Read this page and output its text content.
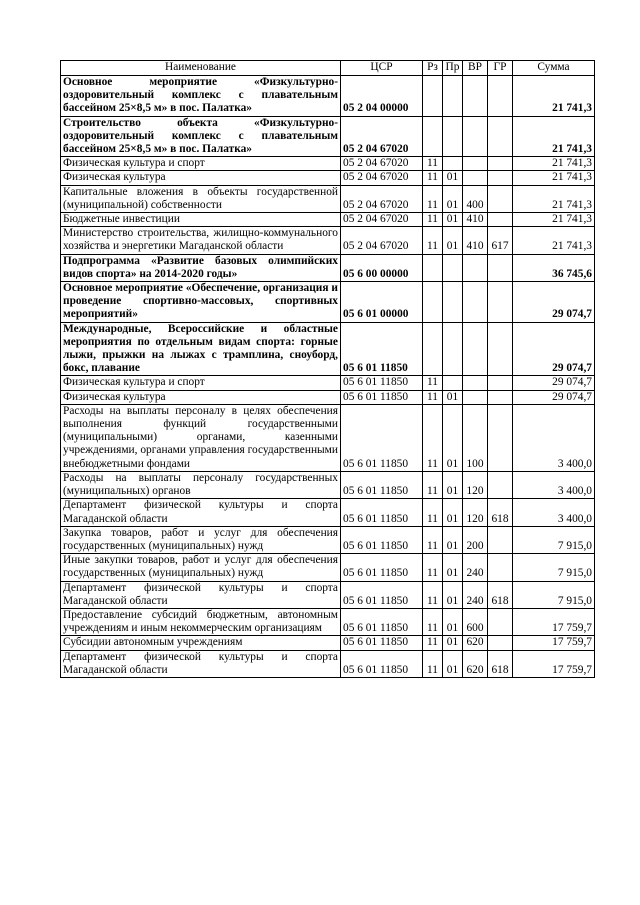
Наименование	ЦСР	Рз	Пр	ВР	ГР	Сумма
Основное мероприятие «Физкультурно-оздоровительный комплекс с плавательным бассейном 25×8,5 м» в пос. Палатка»	05 2 04 00000					21 741,3
Строительство объекта «Физкультурно-оздоровительный комплекс с плавательным бассейном 25×8,5 м» в пос. Палатка»	05 2 04 67020					21 741,3
Физическая культура и спорт	05 2 04 67020	11				21 741,3
Физическая культура	05 2 04 67020	11	01			21 741,3
Капитальные вложения в объекты государственной (муниципальной) собственности	05 2 04 67020	11	01	400		21 741,3
Бюджетные инвестиции	05 2 04 67020	11	01	410		21 741,3
Министерство строительства, жилищно-коммунального хозяйства и энергетики Магаданской области	05 2 04 67020	11	01	410	617	21 741,3
Подпрограмма «Развитие базовых олимпийских видов спорта» на 2014-2020 годы»	05 6 00 00000					36 745,6
Основное мероприятие «Обеспечение, организация и проведение спортивно-массовых, спортивных мероприятий»	05 6 01 00000					29 074,7
Международные, Всероссийские и областные мероприятия по отдельным видам спорта: горные лыжи, прыжки на лыжах с трамплина, сноуборд, бокс, плавание	05 6 01 11850					29 074,7
Физическая культура и спорт	05 6 01 11850	11				29 074,7
Физическая культура	05 6 01 11850	11	01			29 074,7
Расходы на выплаты персоналу в целях обеспечения выполнения функций государственными (муниципальными) органами, казенными учреждениями, органами управления государственными внебюджетными фондами	05 6 01 11850	11	01	100		3 400,0
Расходы на выплаты персоналу государственных (муниципальных) органов	05 6 01 11850	11	01	120		3 400,0
Департамент физической культуры и спорта Магаданской области	05 6 01 11850	11	01	120	618	3 400,0
Закупка товаров, работ и услуг для обеспечения государственных (муниципальных) нужд	05 6 01 11850	11	01	200		7 915,0
Иные закупки товаров, работ и услуг для обеспечения государственных (муниципальных) нужд	05 6 01 11850	11	01	240		7 915,0
Департамент физической культуры и спорта Магаданской области	05 6 01 11850	11	01	240	618	7 915,0
Предоставление субсидий бюджетным, автономным учреждениям и иным некоммерческим организациям	05 6 01 11850	11	01	600		17 759,7
Субсидии автономным учреждениям	05 6 01 11850	11	01	620		17 759,7
Департамент физической культуры и спорта Магаданской области	05 6 01 11850	11	01	620	618	17 759,7
